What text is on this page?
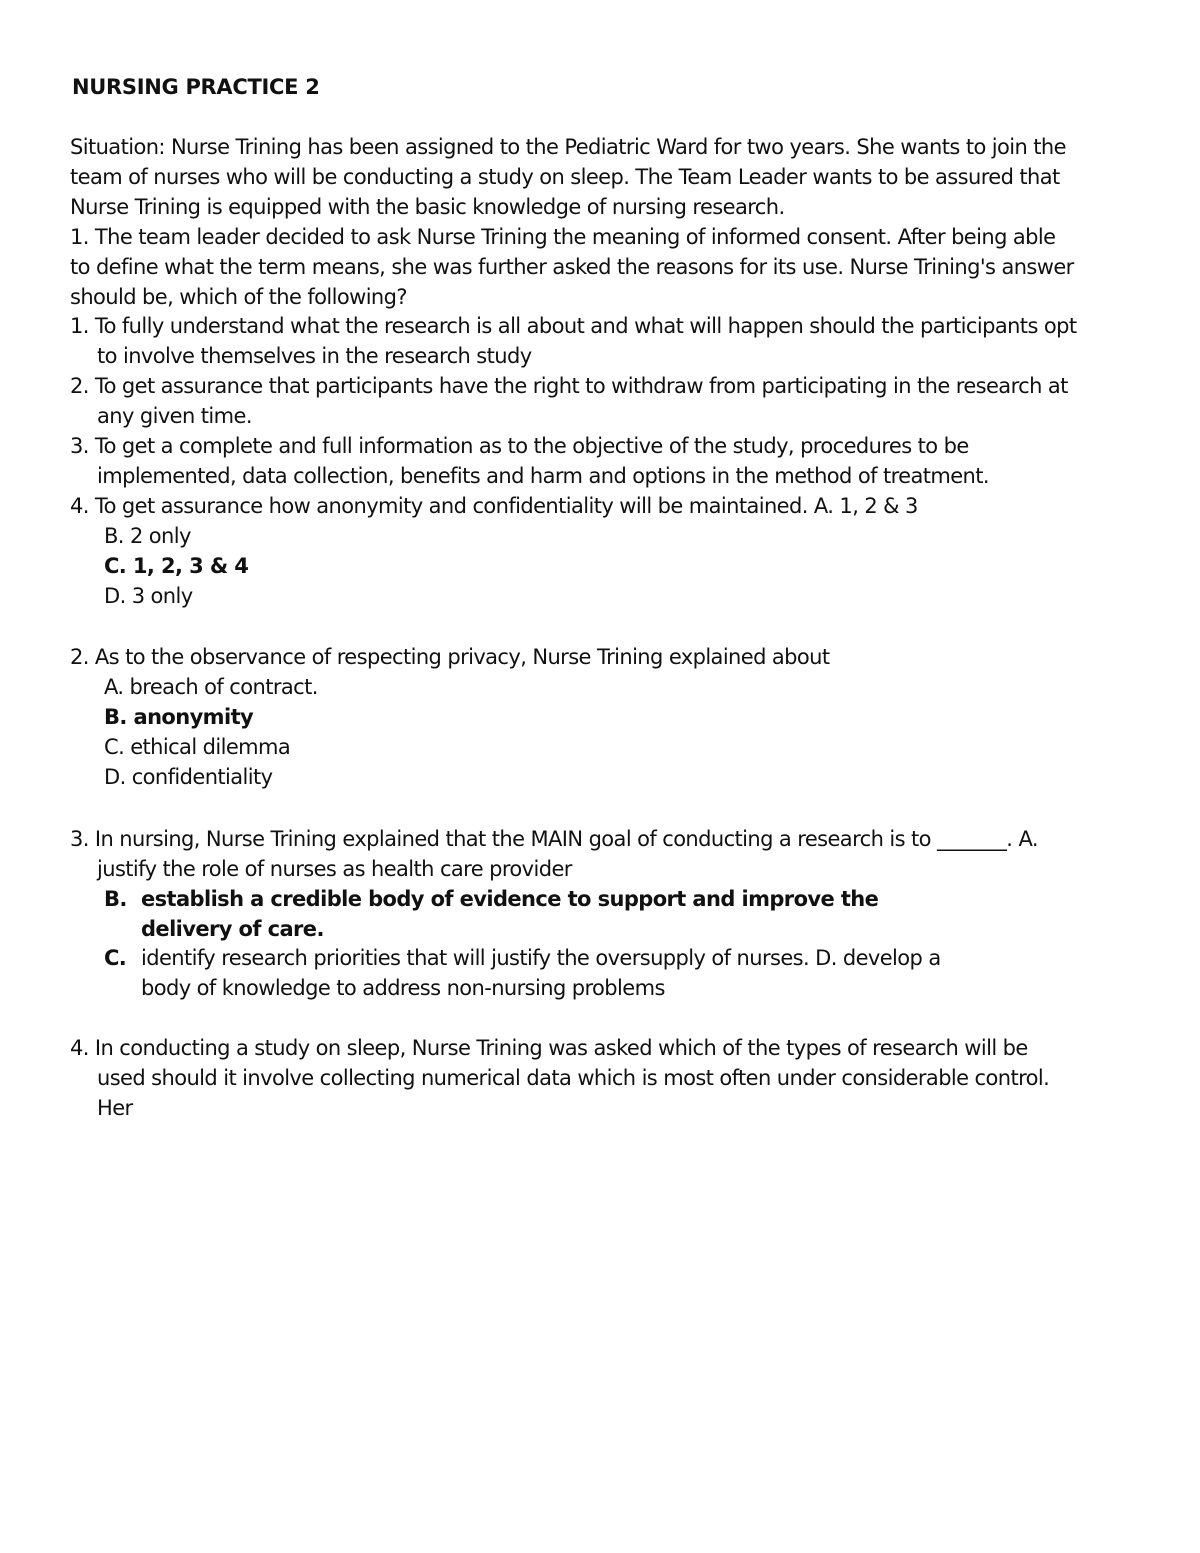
NURSING PRACTICE 2
Situation: Nurse Trining has been assigned to the Pediatric Ward for two years. She wants to join the
team of nurses who will be conducting a study on sleep. The Team Leader wants to be assured that
Nurse Trining is equipped with the basic knowledge of nursing research.
1. The team leader decided to ask Nurse Trining the meaning of informed consent. After being able
to define what the term means, she was further asked the reasons for its use. Nurse Trining's answer
should be, which of the following?
1. To fully understand what the research is all about and what will happen should the participants opt
to involve themselves in the research study
2. To get assurance that participants have the right to withdraw from participating in the research at
any given time.
3. To get a complete and full information as to the objective of the study, procedures to be
implemented, data collection, benefits and harm and options in the method of treatment.
4. To get assurance how anonymity and confidentiality will be maintained. A. 1, 2 & 3
B. 2 only
C. 1, 2, 3 & 4
D. 3 only
2. As to the observance of respecting privacy, Nurse Trining explained about
A. breach of contract.
B. anonymity
C. ethical dilemma
D. confidentiality
3. In nursing, Nurse Trining explained that the MAIN goal of conducting a research is to _______. A.
justify the role of nurses as health care provider
B. establish a credible body of evidence to support and improve the
delivery of care.
C. identify research priorities that will justify the oversupply of nurses. D. develop a
body of knowledge to address non-nursing problems
4. In conducting a study on sleep, Nurse Trining was asked which of the types of research will be
used should it involve collecting numerical data which is most often under considerable control.
Her
